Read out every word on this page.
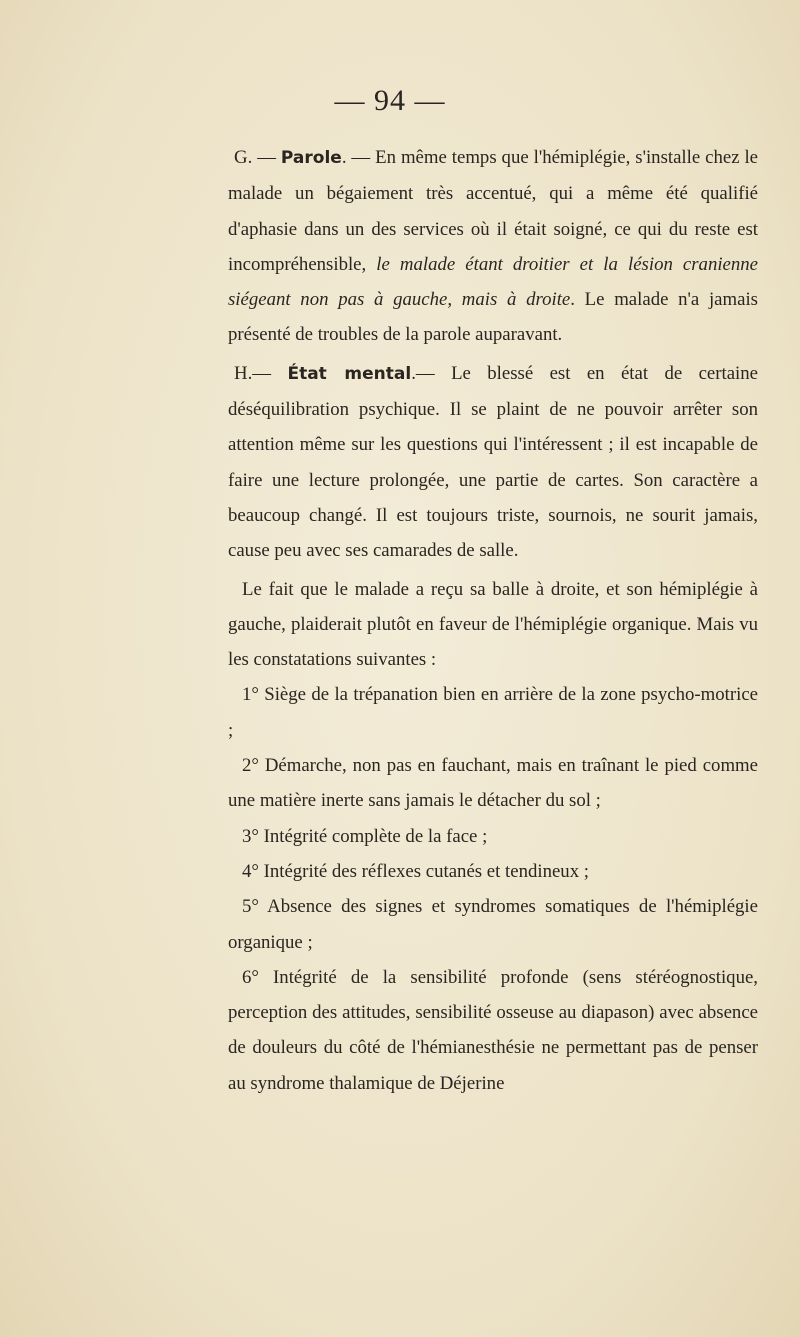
— 94 —

G. — Parole. — En même temps que l'hémiplégie, s'installe chez le malade un bégaiement très accentué, qui a même été qualifié d'aphasie dans un des services où il était soigné, ce qui du reste est incompréhensible, le malade étant droitier et la lésion cranienne siégeant non pas à gauche, mais à droite. Le malade n'a jamais présenté de troubles de la parole auparavant.

H.— État mental.— Le blessé est en état de certaine déséquilibration psychique. Il se plaint de ne pouvoir arrêter son attention même sur les questions qui l'intéressent ; il est incapable de faire une lecture prolongée, une partie de cartes. Son caractère a beaucoup changé. Il est toujours triste, sournois, ne sourit jamais, cause peu avec ses camarades de salle.

Le fait que le malade a reçu sa balle à droite, et son hémiplégie à gauche, plaiderait plutôt en faveur de l'hémiplégie organique. Mais vu les constatations suivantes :

1° Siège de la trépanation bien en arrière de la zone psycho-motrice ;

2° Démarche, non pas en fauchant, mais en traînant le pied comme une matière inerte sans jamais le détacher du sol ;

3° Intégrité complète de la face ;

4° Intégrité des réflexes cutanés et tendineux ;

5° Absence des signes et syndromes somatiques de l'hémiplégie organique ;

6° Intégrité de la sensibilité profonde (sens stéréognostique, perception des attitudes, sensibilité osseuse au diapason) avec absence de douleurs du côté de l'hémianesthésie ne permettant pas de penser au syndrome thalamique de Déjerine
